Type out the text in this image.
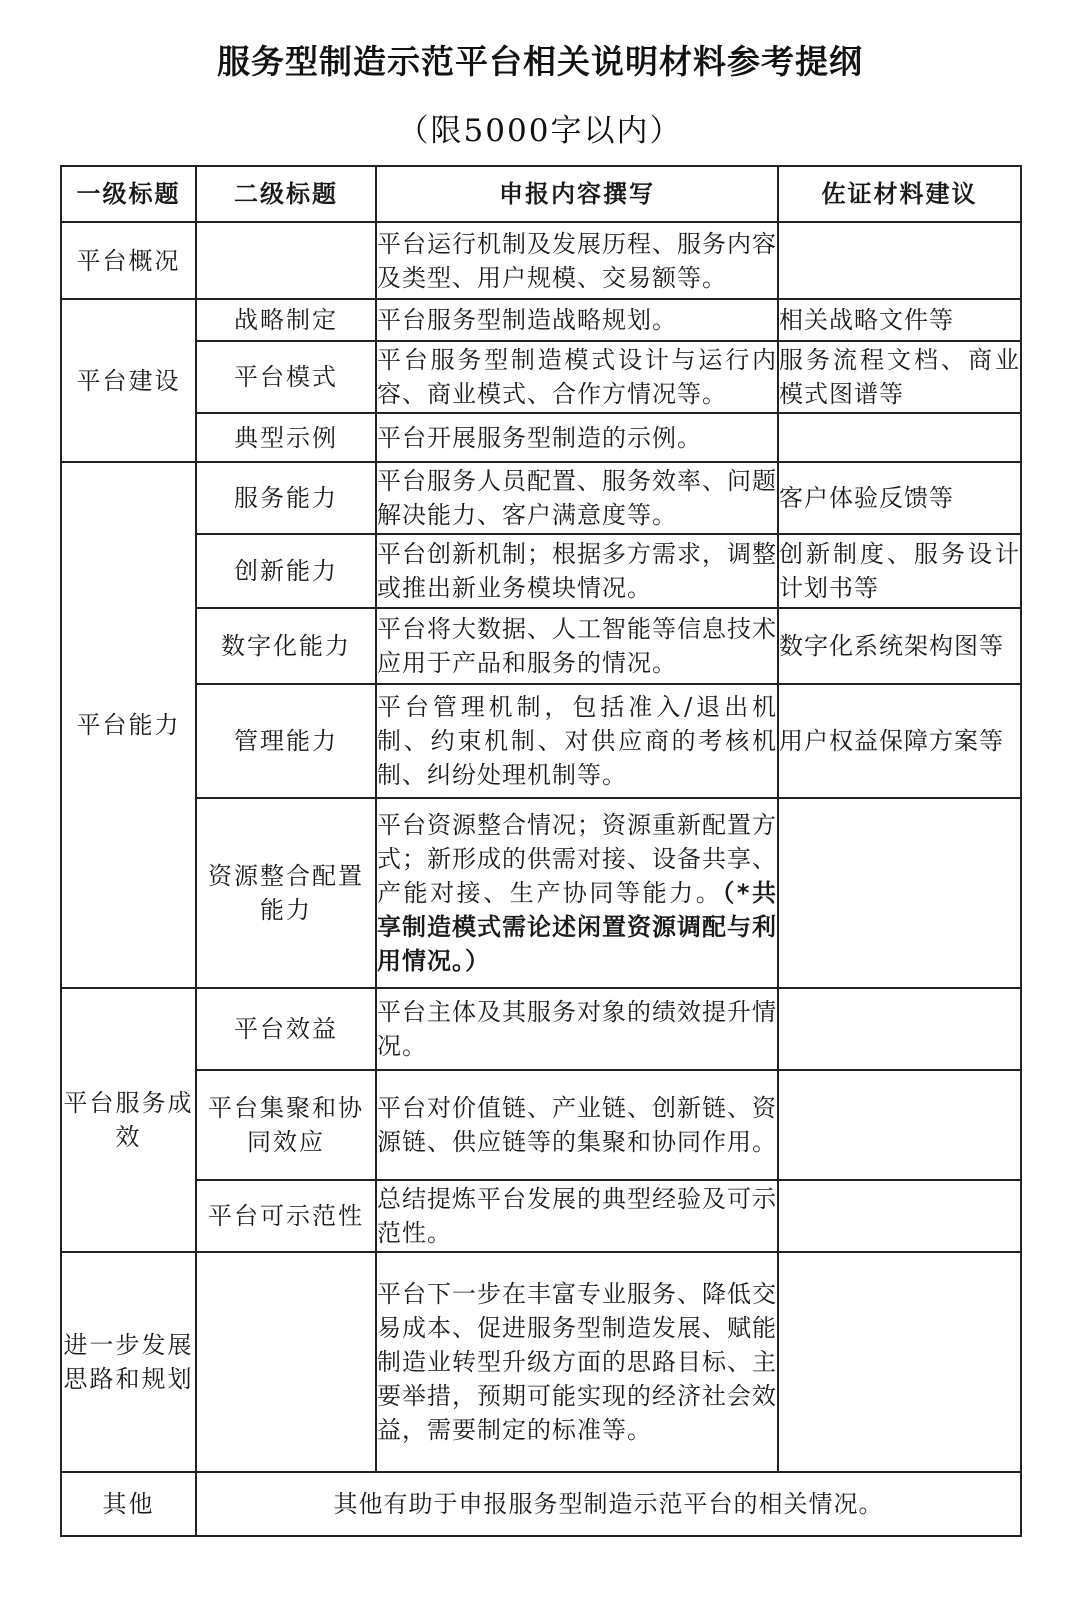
服务型制造示范平台相关说明材料参考提纲
（限5000字以内）
一级标题	二级标题	申报内容撰写	佐证材料建议
平台概况		平台运行机制及发展历程、服务内容及类型、用户规模、交易额等。	
平台建设	战略制定	平台服务型制造战略规划。	相关战略文件等
	平台模式	平台服务型制造模式设计与运行内容、商业模式、合作方情况等。	服务流程文档、商业模式图谱等
	典型示例	平台开展服务型制造的示例。	
平台能力	服务能力	平台服务人员配置、服务效率、问题解决能力、客户满意度等。	客户体验反馈等
	创新能力	平台创新机制；根据多方需求，调整或推出新业务模块情况。	创新制度、服务设计计划书等
	数字化能力	平台将大数据、人工智能等信息技术应用于产品和服务的情况。	数字化系统架构图等
	管理能力	平台管理机制，包括准入/退出机制、约束机制、对供应商的考核机制、纠纷处理机制等。	用户权益保障方案等
	资源整合配置能力	平台资源整合情况；资源重新配置方式；新形成的供需对接、设备共享、产能对接、生产协同等能力。（*共享制造模式需论述闲置资源调配与利用情况。）	
平台服务成效	平台效益	平台主体及其服务对象的绩效提升情况。	
	平台集聚和协同效应	平台对价值链、产业链、创新链、资源链、供应链等的集聚和协同作用。	
	平台可示范性	总结提炼平台发展的典型经验及可示范性。	
进一步发展思路和规划		平台下一步在丰富专业服务、降低交易成本、促进服务型制造发展、赋能制造业转型升级方面的思路目标、主要举措，预期可能实现的经济社会效益，需要制定的标准等。	
其他	其他有助于申报服务型制造示范平台的相关情况。		
